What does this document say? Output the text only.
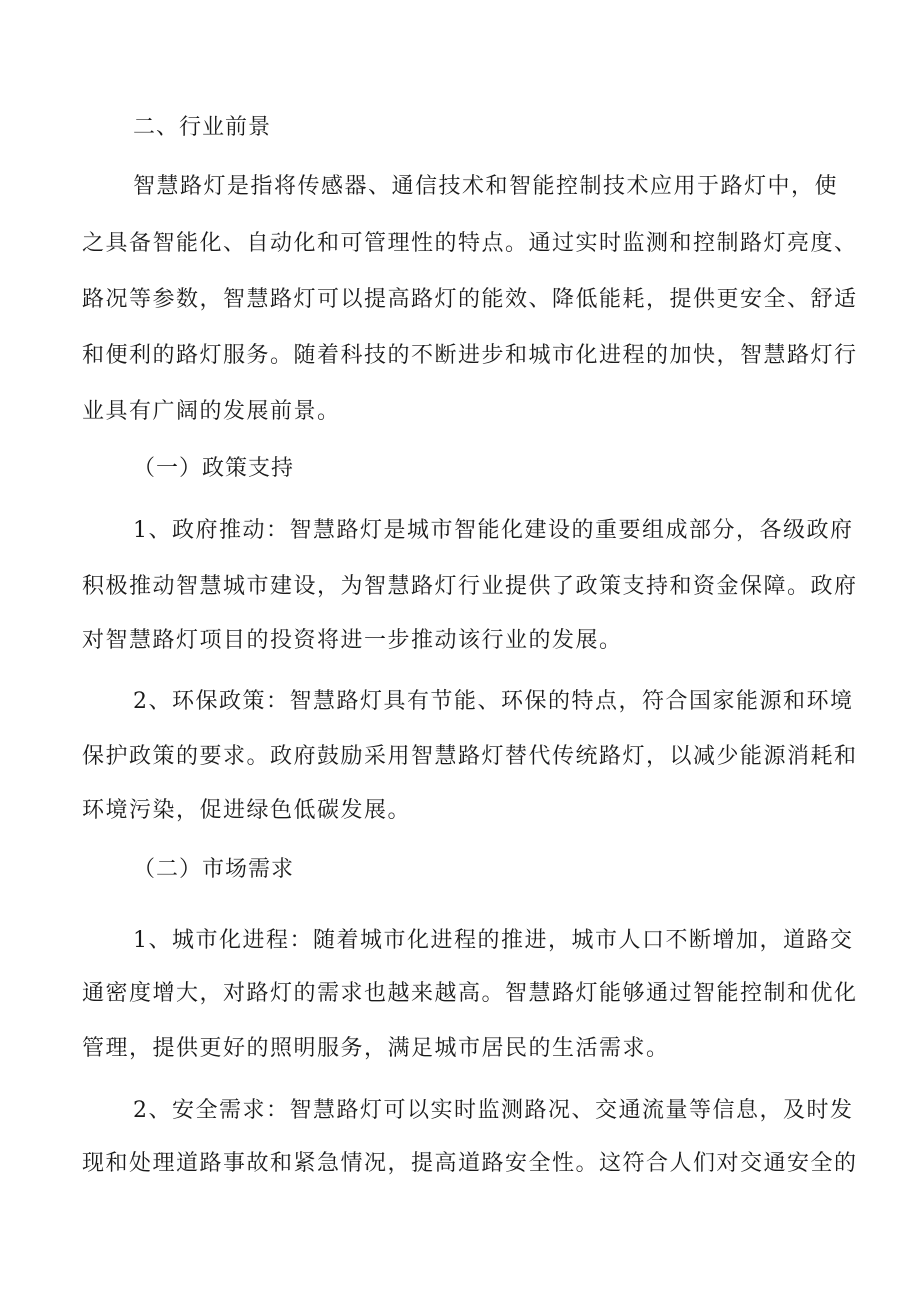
二、行业前景
智慧路灯是指将传感器、通信技术和智能控制技术应用于路灯中，使
之具备智能化、自动化和可管理性的特点。通过实时监测和控制路灯亮度、
路况等参数，智慧路灯可以提高路灯的能效、降低能耗，提供更安全、舒适
和便利的路灯服务。随着科技的不断进步和城市化进程的加快，智慧路灯行
业具有广阔的发展前景。
（一）政策支持
1、政府推动：智慧路灯是城市智能化建设的重要组成部分，各级政府
积极推动智慧城市建设，为智慧路灯行业提供了政策支持和资金保障。政府
对智慧路灯项目的投资将进一步推动该行业的发展。
2、环保政策：智慧路灯具有节能、环保的特点，符合国家能源和环境
保护政策的要求。政府鼓励采用智慧路灯替代传统路灯，以减少能源消耗和
环境污染，促进绿色低碳发展。
（二）市场需求
1、城市化进程：随着城市化进程的推进，城市人口不断增加，道路交
通密度增大，对路灯的需求也越来越高。智慧路灯能够通过智能控制和优化
管理，提供更好的照明服务，满足城市居民的生活需求。
2、安全需求：智慧路灯可以实时监测路况、交通流量等信息，及时发
现和处理道路事故和紧急情况，提高道路安全性。这符合人们对交通安全的
